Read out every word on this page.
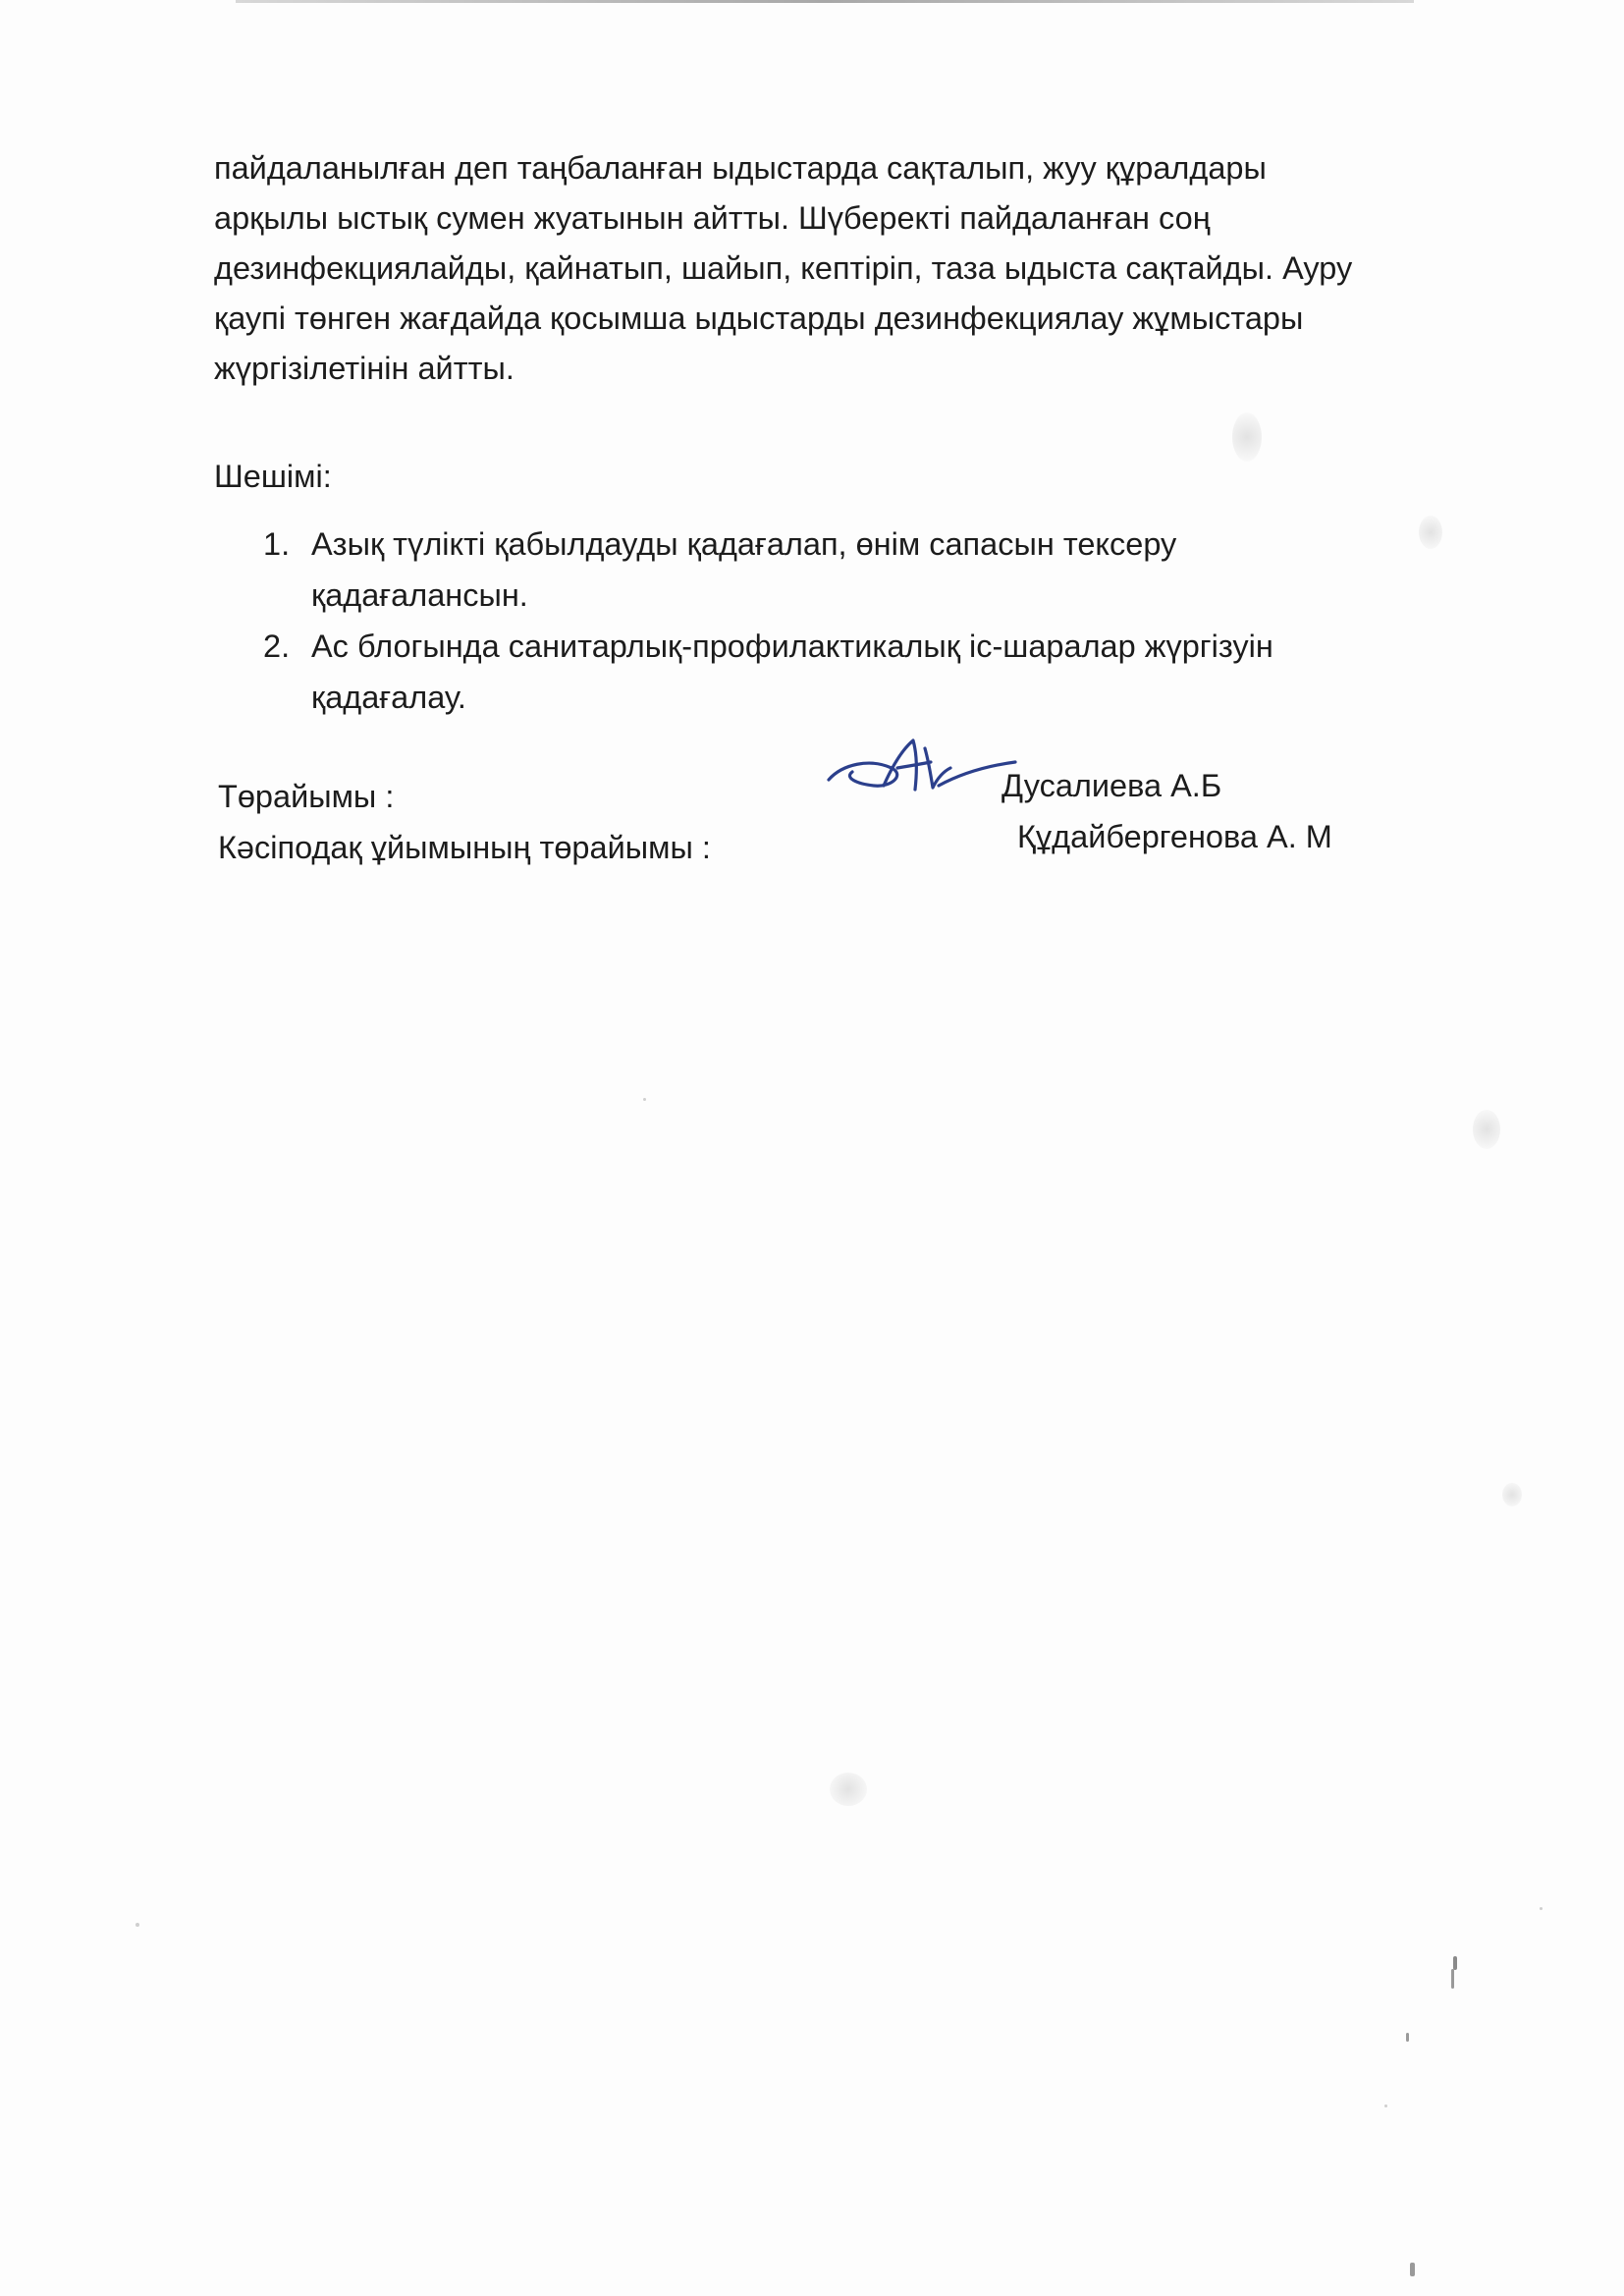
пайдаланылған деп таңбаланған ыдыстарда сақталып, жуу құралдары
арқылы ыстық сумен жуатынын айтты. Шүберекті пайдаланған соң
дезинфекциялайды, қайнатып, шайып, кептіріп, таза ыдыста сақтайды. Ауру
қаупі төнген жағдайда қосымша ыдыстарды дезинфекциялау жұмыстары
жүргізілетінін айтты.

Шешімі:

1. Азық түлікті қабылдауды қадағалап, өнім сапасын тексеру
қадағалансын.
2. Ас блогында санитарлық-профилактикалық іс-шаралар жүргізуін
қадағалау.
Төрайымы :	Дусалиева А.Б
Кәсіподақ ұйымының төрайымы :	Құдайбергенова А. М
